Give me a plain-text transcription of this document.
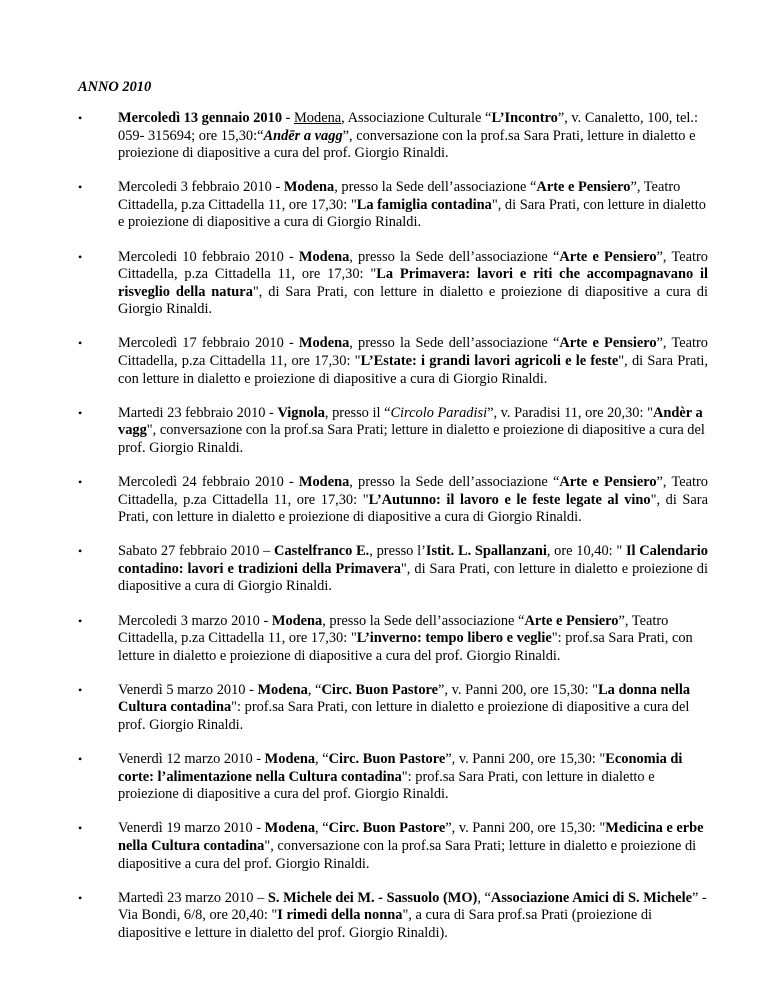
ANNO 2010
•	Mercoledì 13 gennaio 2010 - Modena, Associazione Culturale “L’Incontro”, v. Canaletto, 100, tel.: 059- 315694; ore 15,30:“Andēr a vagg”, conversazione con la prof.sa Sara Prati, letture in dialetto e proiezione di diapositive a cura del prof. Giorgio Rinaldi.
•	Mercoledi 3 febbraio 2010 - Modena, presso la Sede dell’associazione “Arte e Pensiero”, Teatro Cittadella, p.za Cittadella 11, ore 17,30: "La famiglia contadina", di Sara Prati, con letture in dialetto e proiezione di diapositive a cura di Giorgio Rinaldi.
•	Mercoledi 10 febbraio 2010 - Modena, presso la Sede dell’associazione “Arte e Pensiero”, Teatro Cittadella, p.za Cittadella 11, ore 17,30: "La Primavera: lavori e riti che accompagnavano il risveglio della natura", di Sara Prati, con letture in dialetto e proiezione di diapositive a cura di Giorgio Rinaldi.
•	Mercoledì 17 febbraio 2010 - Modena, presso la Sede dell’associazione “Arte e Pensiero”, Teatro Cittadella, p.za Cittadella 11, ore 17,30: "L’Estate: i grandi lavori agricoli e le feste", di Sara Prati, con letture in dialetto e proiezione di diapositive a cura di Giorgio Rinaldi.
•	Martedi 23 febbraio 2010 - Vignola, presso il “Circolo Paradisi”, v. Paradisi 11, ore 20,30: "Andèr a vagg", conversazione con la prof.sa Sara Prati; letture in dialetto e proiezione di diapositive a cura del prof. Giorgio Rinaldi.
•	Mercoledì 24 febbraio 2010 - Modena, presso la Sede dell’associazione “Arte e Pensiero”, Teatro Cittadella, p.za Cittadella 11, ore 17,30: "L’Autunno: il lavoro e le feste legate al vino", di Sara Prati, con letture in dialetto e proiezione di diapositive a cura di Giorgio Rinaldi.
•	Sabato 27 febbraio 2010 – Castelfranco E., presso l’Istit. L. Spallanzani, ore 10,40: " Il Calendario contadino: lavori e tradizioni della Primavera", di Sara Prati, con letture in dialetto e proiezione di diapositive a cura di Giorgio Rinaldi.
•	Mercoledi 3 marzo 2010 - Modena, presso la Sede dell’associazione “Arte e Pensiero”, Teatro Cittadella, p.za Cittadella 11, ore 17,30: "L’inverno: tempo libero e veglie": prof.sa Sara Prati, con letture in dialetto e proiezione di diapositive a cura del prof. Giorgio Rinaldi.
•	Venerdì 5 marzo 2010 - Modena, “Circ. Buon Pastore”, v. Panni 200, ore 15,30: "La donna nella Cultura contadina": prof.sa Sara Prati, con letture in dialetto e proiezione di diapositive a cura del prof. Giorgio Rinaldi.
•	Venerdì 12 marzo 2010 - Modena, “Circ. Buon Pastore”, v. Panni 200, ore 15,30: "Economia di corte: l’alimentazione nella Cultura contadina": prof.sa Sara Prati, con letture in dialetto e proiezione di diapositive a cura del prof. Giorgio Rinaldi.
•	Venerdì 19 marzo 2010 - Modena, “Circ. Buon Pastore”, v. Panni 200, ore 15,30: "Medicina e erbe nella Cultura contadina", conversazione con la prof.sa Sara Prati; letture in dialetto e proiezione di diapositive a cura del prof. Giorgio Rinaldi.
•	Martedì 23 marzo 2010 – S. Michele dei M. - Sassuolo (MO), “Associazione Amici di S. Michele” - Via Bondi, 6/8, ore 20,40: "I rimedi della nonna", a cura di Sara prof.sa Prati (proiezione di diapositive e letture in dialetto del prof. Giorgio Rinaldi).
